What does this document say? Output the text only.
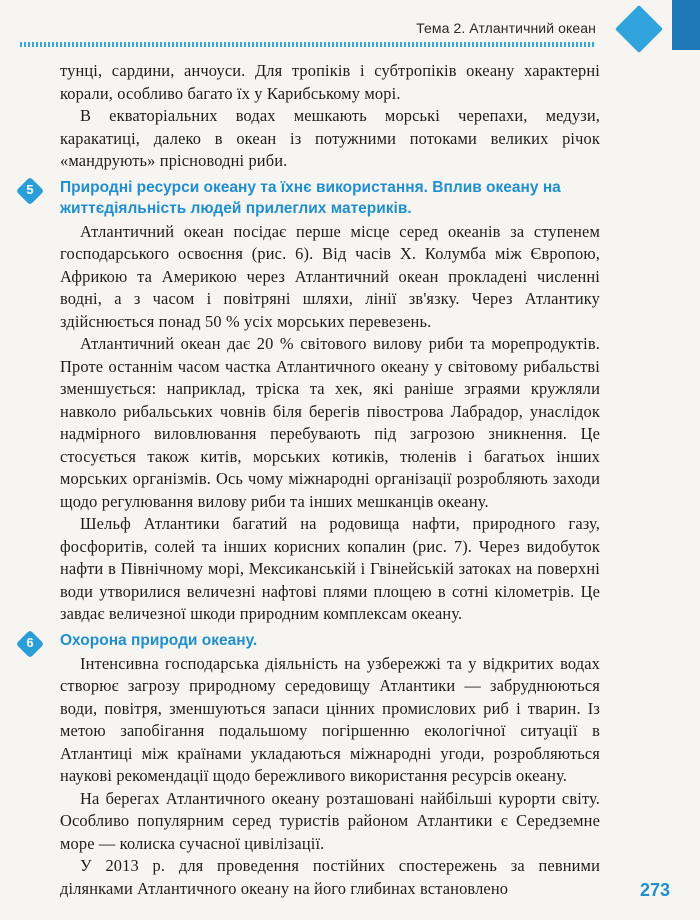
Тема 2. Атлантичний океан

тунці, сардини, анчоуси. Для тропіків і субтропіків океану характерні корали, особливо багато їх у Карибському морі.

В екваторіальних водах мешкають морські черепахи, медузи, каракатиці, далеко в океан із потужними потоками великих річок «мандрують» прісноводні риби.

5	Природні ресурси океану та їхнє використання. Вплив океану на життєдіяльність людей прилеглих материків.

Атлантичний океан посідає перше місце серед океанів за ступенем господарського освоєння (рис. 6). Від часів Х. Колумба між Європою, Африкою та Америкою через Атлантичний океан прокладені численні водні, а з часом і повітряні шляхи, лінії зв'язку. Через Атлантику здійснюється понад 50 % усіх морських перевезень.

Атлантичний океан дає 20 % світового вилову риби та морепродуктів. Проте останнім часом частка Атлантичного океану у світовому рибальстві зменшується: наприклад, тріска та хек, які раніше зграями кружляли навколо рибальських човнів біля берегів півострова Лабрадор, унаслідок надмірного виловлювання перебувають під загрозою зникнення. Це стосується також китів, морських котиків, тюленів і багатьох інших морських організмів. Ось чому міжнародні організації розробляють заходи щодо регулювання вилову риби та інших мешканців океану.

Шельф Атлантики багатий на родовища нафти, природного газу, фосфоритів, солей та інших корисних копалин (рис. 7). Через видобуток нафти в Північному морі, Мексиканській і Гвінейській затоках на поверхні води утворилися величезні нафтові плями площею в сотні кілометрів. Це завдає величезної шкоди природним комплексам океану.

6	Охорона природи океану.

Інтенсивна господарська діяльність на узбережжі та у відкритих водах створює загрозу природному середовищу Атлантики — забруднюються води, повітря, зменшуються запаси цінних промислових риб і тварин. Із метою запобігання подальшому погіршенню екологічної ситуації в Атлантиці між країнами укладаються міжнародні угоди, розробляються наукові рекомендації щодо бережливого використання ресурсів океану.

На берегах Атлантичного океану розташовані найбільші курорти світу. Особливо популярним серед туристів районом Атлантики є Середземне море — колиска сучасної цивілізації.

У 2013 р. для проведення постійних спостережень за певними ділянками Атлантичного океану на його глибинах встановлено	273
